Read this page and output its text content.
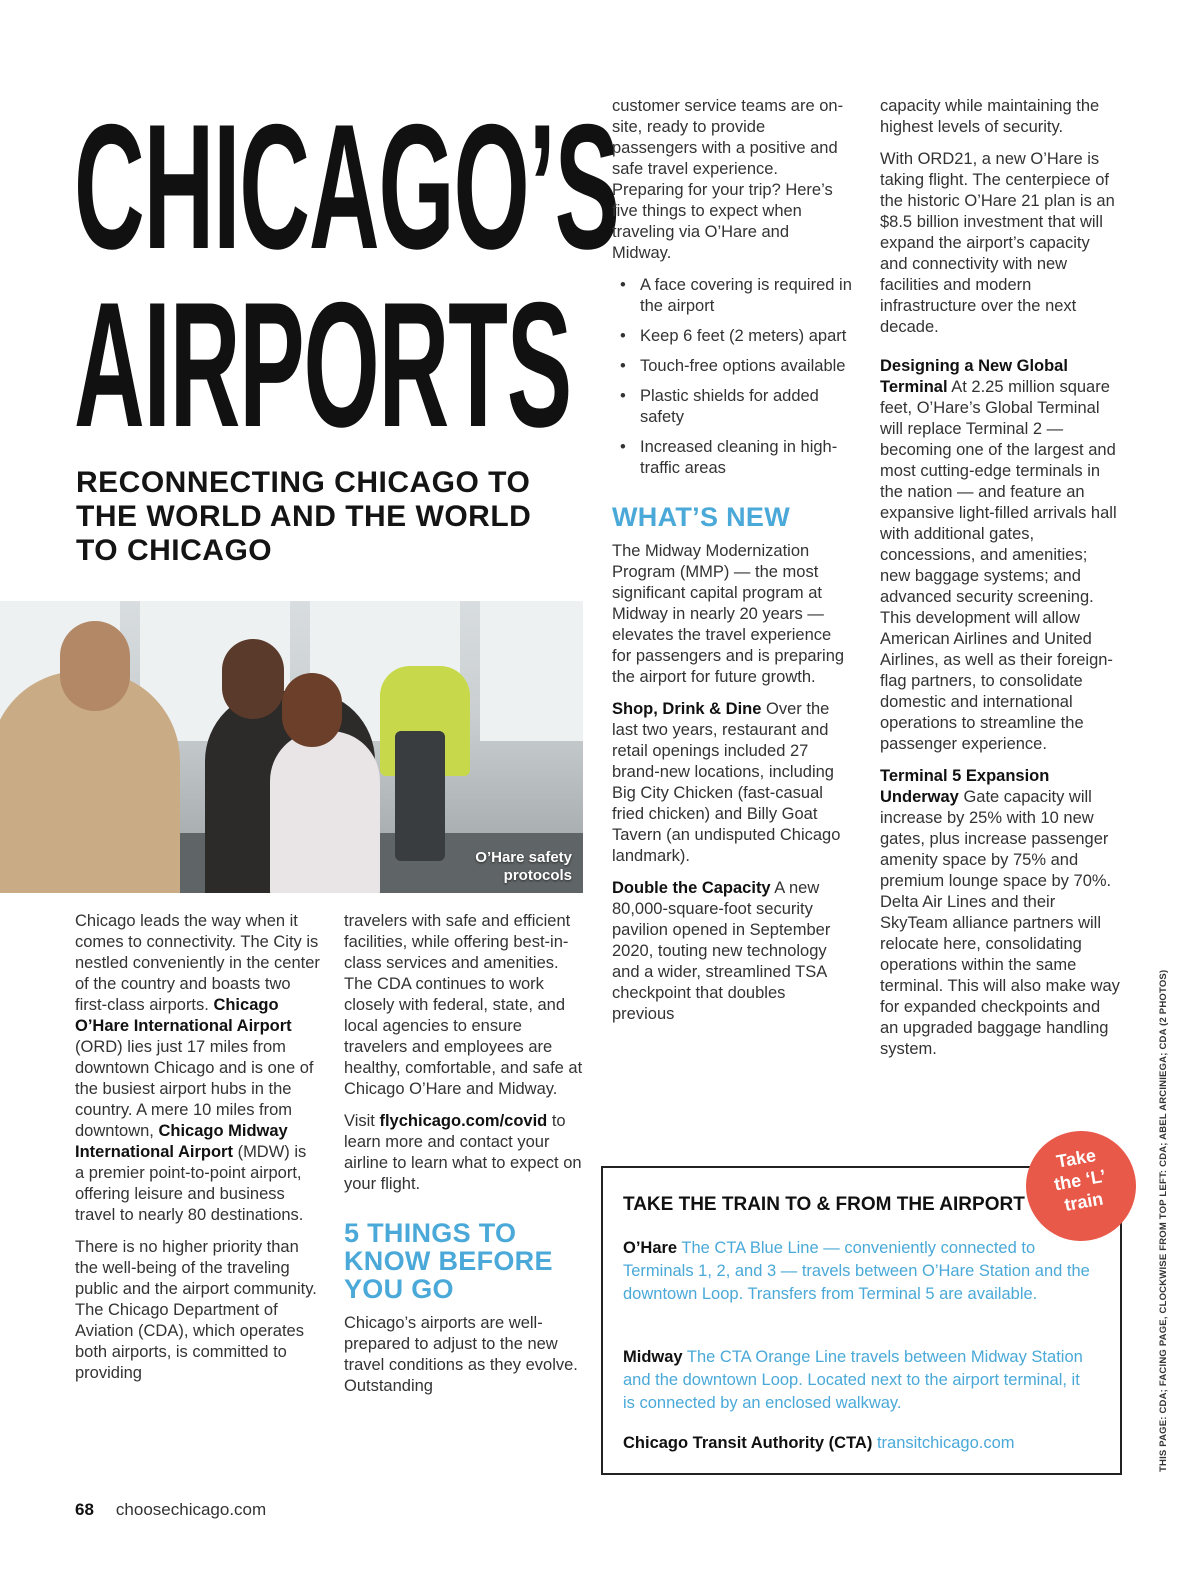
CHICAGO’S
AIRPORTS
RECONNECTING CHICAGO TO THE WORLD AND THE WORLD TO CHICAGO
O’Hare safety
protocols

Chicago leads the way when it comes to connectivity. The City is nestled conveniently in the center of the country and boasts two first-class airports. Chicago O’Hare International Airport (ORD) lies just 17 miles from downtown Chicago and is one of the busiest airport hubs in the country. A mere 10 miles from downtown, Chicago Midway International Airport (MDW) is a premier point-to-point airport, offering leisure and business travel to nearly 80 destinations.

There is no higher priority than the well-being of the traveling public and the airport community. The Chicago Department of Aviation (CDA), which operates both airports, is committed to providing

travelers with safe and efficient facilities, while offering best-in-class services and amenities. The CDA continues to work closely with federal, state, and local agencies to ensure travelers and employees are healthy, comfortable, and safe at Chicago O’Hare and Midway.

Visit flychicago.com/covid to learn more and contact your airline to learn what to expect on your flight.

5 THINGS TO KNOW BEFORE YOU GO

Chicago’s airports are well-prepared to adjust to the new travel conditions as they evolve. Outstanding

customer service teams are on-site, ready to provide passengers with a positive and safe travel experience. Preparing for your trip? Here’s five things to expect when traveling via O’Hare and Midway.

• A face covering is required in the airport
• Keep 6 feet (2 meters) apart
• Touch-free options available
• Plastic shields for added safety
• Increased cleaning in high-traffic areas
WHAT’S NEW

The Midway Modernization Program (MMP) — the most significant capital program at Midway in nearly 20 years — elevates the travel experience for passengers and is preparing the airport for future growth.

Shop, Drink & Dine Over the last two years, restaurant and retail openings included 27 brand-new locations, including Big City Chicken (fast-casual fried chicken) and Billy Goat Tavern (an undisputed Chicago landmark).

Double the Capacity A new 80,000-square-foot security pavilion opened in September 2020, touting new technology and a wider, streamlined TSA checkpoint that doubles previous

capacity while maintaining the highest levels of security.

With ORD21, a new O’Hare is taking flight. The centerpiece of the historic O’Hare 21 plan is an $8.5 billion investment that will expand the airport’s capacity and connectivity with new facilities and modern infrastructure over the next decade.

Designing a New Global Terminal At 2.25 million square feet, O’Hare’s Global Terminal will replace Terminal 2 — becoming one of the largest and most cutting-edge terminals in the nation — and feature an expansive light-filled arrivals hall with additional gates, concessions, and amenities; new baggage systems; and advanced security screening. This development will allow American Airlines and United Airlines, as well as their foreign-flag partners, to consolidate domestic and international operations to streamline the passenger experience.

Terminal 5 Expansion Underway Gate capacity will increase by 25% with 10 new gates, plus increase passenger amenity space by 75% and premium lounge space by 70%. Delta Air Lines and their SkyTeam alliance partners will relocate here, consolidating operations within the same terminal. This will also make way for expanded checkpoints and an upgraded baggage handling system.

TAKE THE TRAIN TO & FROM THE AIRPORT
O’Hare The CTA Blue Line — conveniently connected to Terminals 1, 2, and 3 — travels between O’Hare Station and the downtown Loop. Transfers from Terminal 5 are available.
Midway The CTA Orange Line travels between Midway Station and the downtown Loop. Located next to the airport terminal, it is connected by an enclosed walkway.
Chicago Transit Authority (CTA) transitchicago.com
Take
the ‘L’
train	THIS PAGE: CDA; FACING PAGE, CLOCKWISE FROM TOP LEFT: CDA; ABEL ARCINIEGA; CDA (2 PHOTOS)
68 choosechicago.com
